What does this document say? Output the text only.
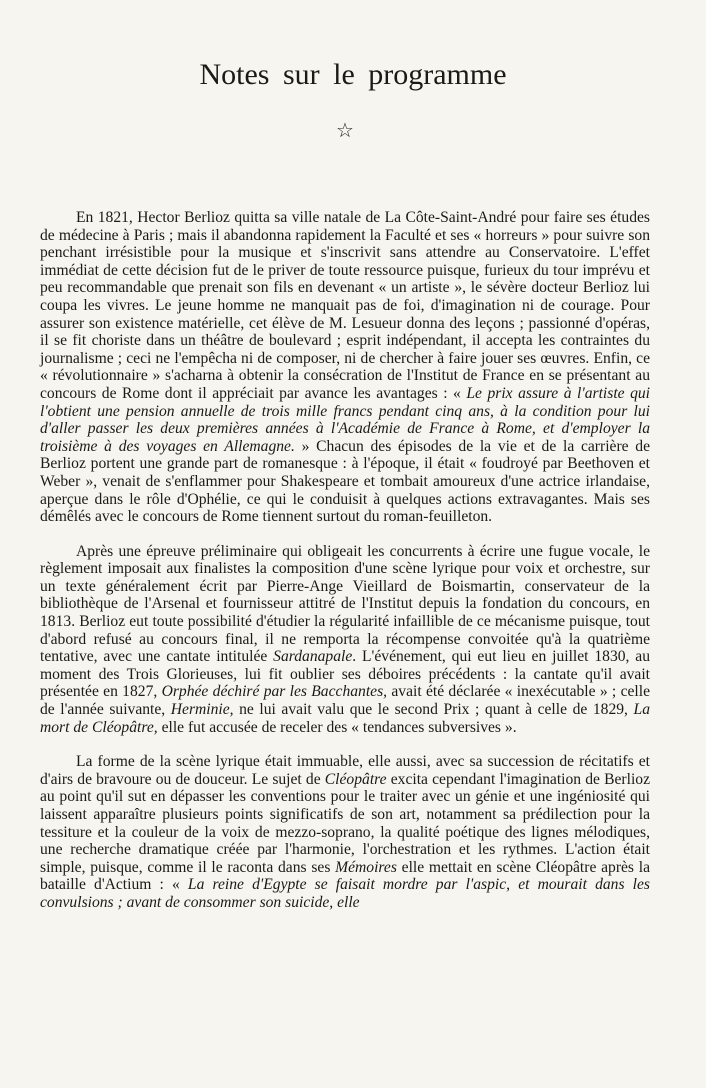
Notes sur le programme
☆

En 1821, Hector Berlioz quitta sa ville natale de La Côte-Saint-André pour faire ses études de médecine à Paris ; mais il abandonna rapidement la Faculté et ses « horreurs » pour suivre son penchant irrésistible pour la musique et s'inscrivit sans attendre au Conservatoire. L'effet immédiat de cette décision fut de le priver de toute ressource puisque, furieux du tour imprévu et peu recommandable que prenait son fils en devenant « un artiste », le sévère docteur Berlioz lui coupa les vivres. Le jeune homme ne manquait pas de foi, d'imagination ni de courage. Pour assurer son existence matérielle, cet élève de M. Lesueur donna des leçons ; passionné d'opéras, il se fit choriste dans un théâtre de boulevard ; esprit indépendant, il accepta les contraintes du journalisme ; ceci ne l'empêcha ni de composer, ni de chercher à faire jouer ses œuvres. Enfin, ce « révolutionnaire » s'acharna à obtenir la consécration de l'Institut de France en se présentant au concours de Rome dont il appréciait par avance les avantages : « Le prix assure à l'artiste qui l'obtient une pension annuelle de trois mille francs pendant cinq ans, à la condition pour lui d'aller passer les deux premières années à l'Académie de France à Rome, et d'employer la troisième à des voyages en Allemagne. » Chacun des épisodes de la vie et de la carrière de Berlioz portent une grande part de romanesque : à l'époque, il était « foudroyé par Beethoven et Weber », venait de s'enflammer pour Shakespeare et tombait amoureux d'une actrice irlandaise, aperçue dans le rôle d'Ophélie, ce qui le conduisit à quelques actions extravagantes. Mais ses démêlés avec le concours de Rome tiennent surtout du roman-feuilleton.

Après une épreuve préliminaire qui obligeait les concurrents à écrire une fugue vocale, le règlement imposait aux finalistes la composition d'une scène lyrique pour voix et orchestre, sur un texte généralement écrit par Pierre-Ange Vieillard de Boismartin, conservateur de la bibliothèque de l'Arsenal et fournisseur attitré de l'Institut depuis la fondation du concours, en 1813. Berlioz eut toute possibilité d'étudier la régularité infaillible de ce mécanisme puisque, tout d'abord refusé au concours final, il ne remporta la récompense convoitée qu'à la quatrième tentative, avec une cantate intitulée Sardanapale. L'événement, qui eut lieu en juillet 1830, au moment des Trois Glorieuses, lui fit oublier ses déboires précédents : la cantate qu'il avait présentée en 1827, Orphée déchiré par les Bacchantes, avait été déclarée « inexécutable » ; celle de l'année suivante, Herminie, ne lui avait valu que le second Prix ; quant à celle de 1829, La mort de Cléopâtre, elle fut accusée de receler des « tendances subversives ».

La forme de la scène lyrique était immuable, elle aussi, avec sa succession de récitatifs et d'airs de bravoure ou de douceur. Le sujet de Cléopâtre excita cependant l'imagination de Berlioz au point qu'il sut en dépasser les conventions pour le traiter avec un génie et une ingéniosité qui laissent apparaître plusieurs points significatifs de son art, notamment sa prédilection pour la tessiture et la couleur de la voix de mezzo-soprano, la qualité poétique des lignes mélodiques, une recherche dramatique créée par l'harmonie, l'orchestration et les rythmes. L'action était simple, puisque, comme il le raconta dans ses Mémoires elle mettait en scène Cléopâtre après la bataille d'Actium : « La reine d'Egypte se faisait mordre par l'aspic, et mourait dans les convulsions ; avant de consommer son suicide, elle
